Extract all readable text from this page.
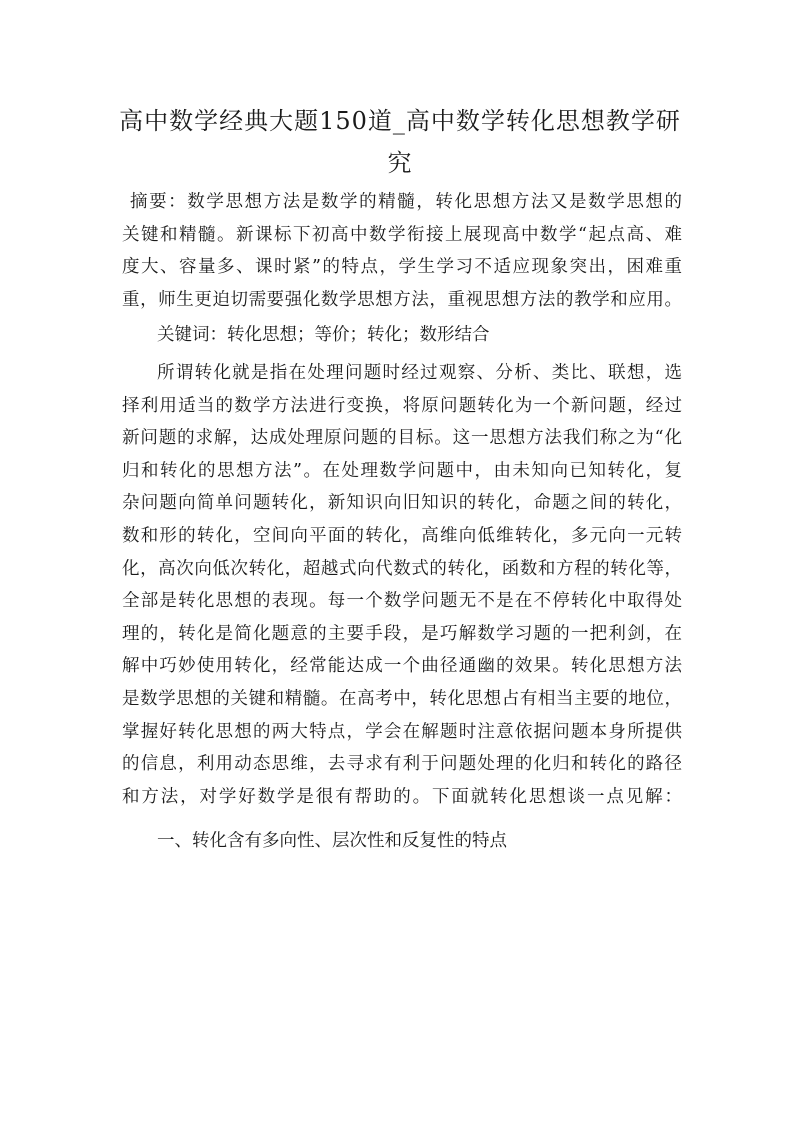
高中数学经典大题150道_高中数学转化思想教学研
究
摘要：数学思想方法是数学的精髓，转化思想方法又是数学思想的
关键和精髓。新课标下初高中数学衔接上展现高中数学“起点高、难
度大、容量多、课时紧”的特点，学生学习不适应现象突出，困难重
重，师生更迫切需要强化数学思想方法，重视思想方法的教学和应用。
关键词：转化思想；等价；转化；数形结合
所谓转化就是指在处理问题时经过观察、分析、类比、联想，选
择利用适当的数学方法进行变换，将原问题转化为一个新问题，经过
新问题的求解，达成处理原问题的目标。这一思想方法我们称之为“化
归和转化的思想方法”。在处理数学问题中，由未知向已知转化，复
杂问题向简单问题转化，新知识向旧知识的转化，命题之间的转化，
数和形的转化，空间向平面的转化，高维向低维转化，多元向一元转
化，高次向低次转化，超越式向代数式的转化，函数和方程的转化等，
全部是转化思想的表现。每一个数学问题无不是在不停转化中取得处
理的，转化是简化题意的主要手段，是巧解数学习题的一把利剑，在
解中巧妙使用转化，经常能达成一个曲径通幽的效果。转化思想方法
是数学思想的关键和精髓。在高考中，转化思想占有相当主要的地位，
掌握好转化思想的两大特点，学会在解题时注意依据问题本身所提供
的信息，利用动态思维，去寻求有利于问题处理的化归和转化的路径
和方法，对学好数学是很有帮助的。下面就转化思想谈一点见解：
一、转化含有多向性、层次性和反复性的特点
